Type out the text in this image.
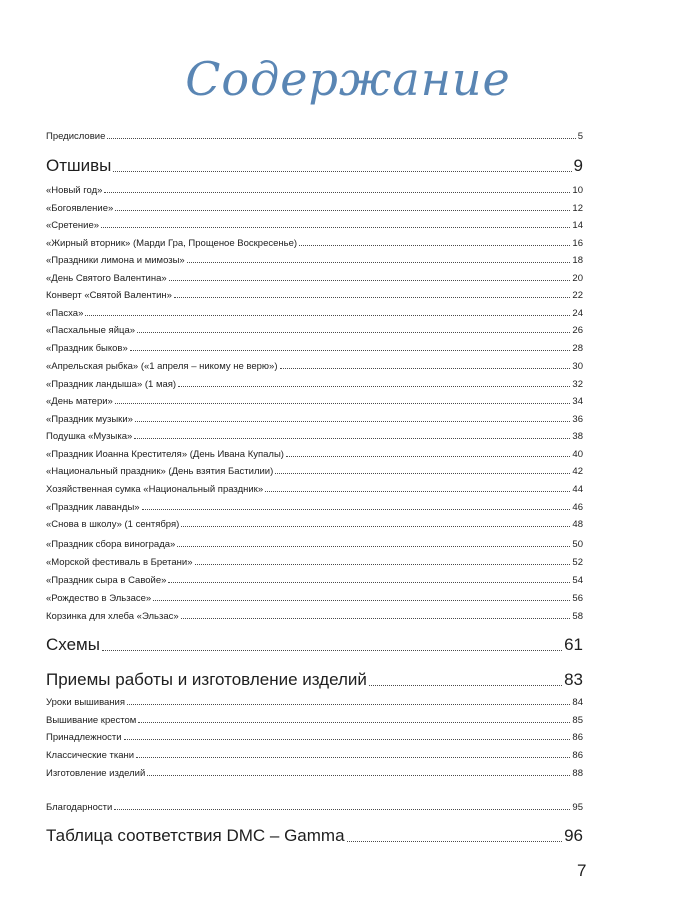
Содержание
Предисловие	5
Отшивы	9
«Новый год»	10
«Богоявление»	12
«Сретение»	14
«Жирный вторник» (Марди Гра, Прощеное Воскресенье)	16
«Праздники лимона и мимозы»	18
«День Святого Валентина»	20
Конверт «Святой Валентин»	22
«Пасха»	24
«Пасхальные яйца»	26
«Праздник быков»	28
«Апрельская рыбка» («1 апреля – никому не верю»)	30
«Праздник ландыша» (1 мая)	32
«День матери»	34
«Праздник музыки»	36
Подушка «Музыка»	38
«Праздник Иоанна Крестителя» (День Ивана Купалы)	40
«Национальный праздник» (День взятия Бастилии)	42
Хозяйственная сумка «Национальный праздник»	44
«Праздник лаванды»	46
«Снова в школу» (1 сентября)	48
«Праздник сбора винограда»	50
«Морской фестиваль в Бретани»	52
«Праздник сыра в Савойе»	54
«Рождество в Эльзасе»	56
Корзинка для хлеба «Эльзас»	58
Схемы	61
Приемы работы и изготовление изделий	83
Уроки вышивания	84
Вышивание крестом	85
Принадлежности	86
Классические ткани	86
Изготовление изделий	88
Благодарности	95
Таблица соответствия DMC – Gamma	96
7
